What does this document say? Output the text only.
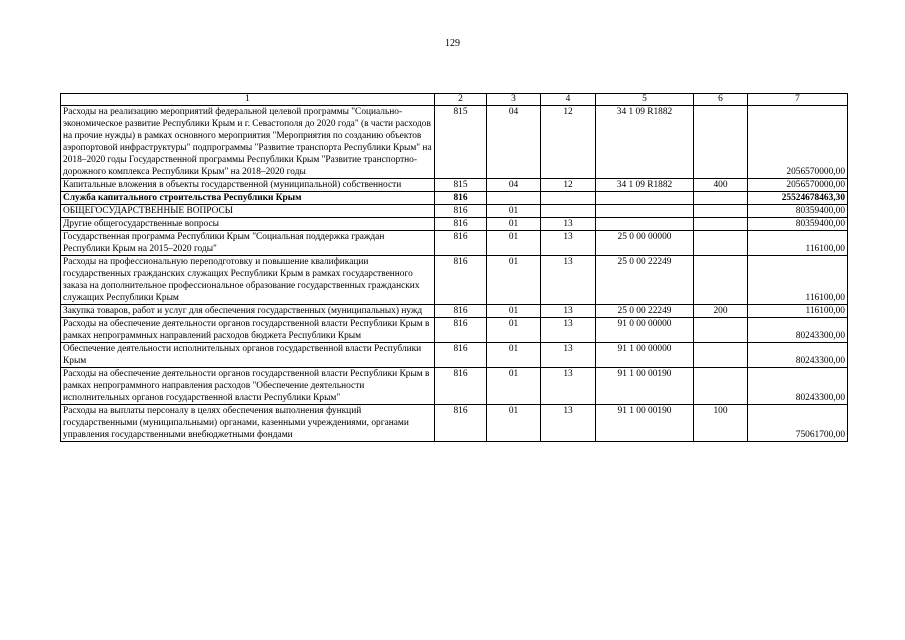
129
1	2	3	4	5	6	7
Расходы на реализацию мероприятий федеральной целевой программы "Социально-экономическое развитие Республики Крым и г. Севастополя до 2020 года" (в части расходов на прочие нужды) в рамках основного мероприятия "Мероприятия по созданию объектов аэропортовой инфраструктуры" подпрограммы "Развитие транспорта Республики Крым" на 2018–2020 годы Государственной программы Республики Крым "Развитие транспортно-дорожного комплекса Республики Крым" на 2018–2020 годы	815	04	12	34 1 09 R1882		2056570000,00
Капитальные вложения в объекты государственной (муниципальной) собственности	815	04	12	34 1 09 R1882	400	2056570000,00
Служба капитального строительства Республики Крым	816					25524678463,30
ОБЩЕГОСУДАРСТВЕННЫЕ ВОПРОСЫ	816	01				80359400,00
Другие общегосударственные вопросы	816	01	13			80359400,00
Государственная программа Республики Крым "Социальная поддержка граждан Республики Крым на 2015–2020 годы"	816	01	13	25 0 00 00000		116100,00
Расходы на профессиональную переподготовку и повышение квалификации государственных гражданских служащих Республики Крым в рамках государственного заказа на дополнительное профессиональное образование государственных гражданских служащих Республики Крым	816	01	13	25 0 00 22249		116100,00
Закупка товаров, работ и услуг для обеспечения государственных (муниципальных) нужд	816	01	13	25 0 00 22249	200	116100,00
Расходы на обеспечение деятельности органов государственной власти Республики Крым в рамках непрограммных направлений расходов бюджета Республики Крым	816	01	13	91 0 00 00000		80243300,00
Обеспечение деятельности исполнительных органов государственной власти Республики Крым	816	01	13	91 1 00 00000		80243300,00
Расходы на обеспечение деятельности органов государственной власти Республики Крым в рамках непрограммного направления расходов "Обеспечение деятельности исполнительных органов государственной власти Республики Крым"	816	01	13	91 1 00 00190		80243300,00
Расходы на выплаты персоналу в целях обеспечения выполнения функций государственными (муниципальными) органами, казенными учреждениями, органами управления государственными внебюджетными фондами	816	01	13	91 1 00 00190	100	75061700,00
